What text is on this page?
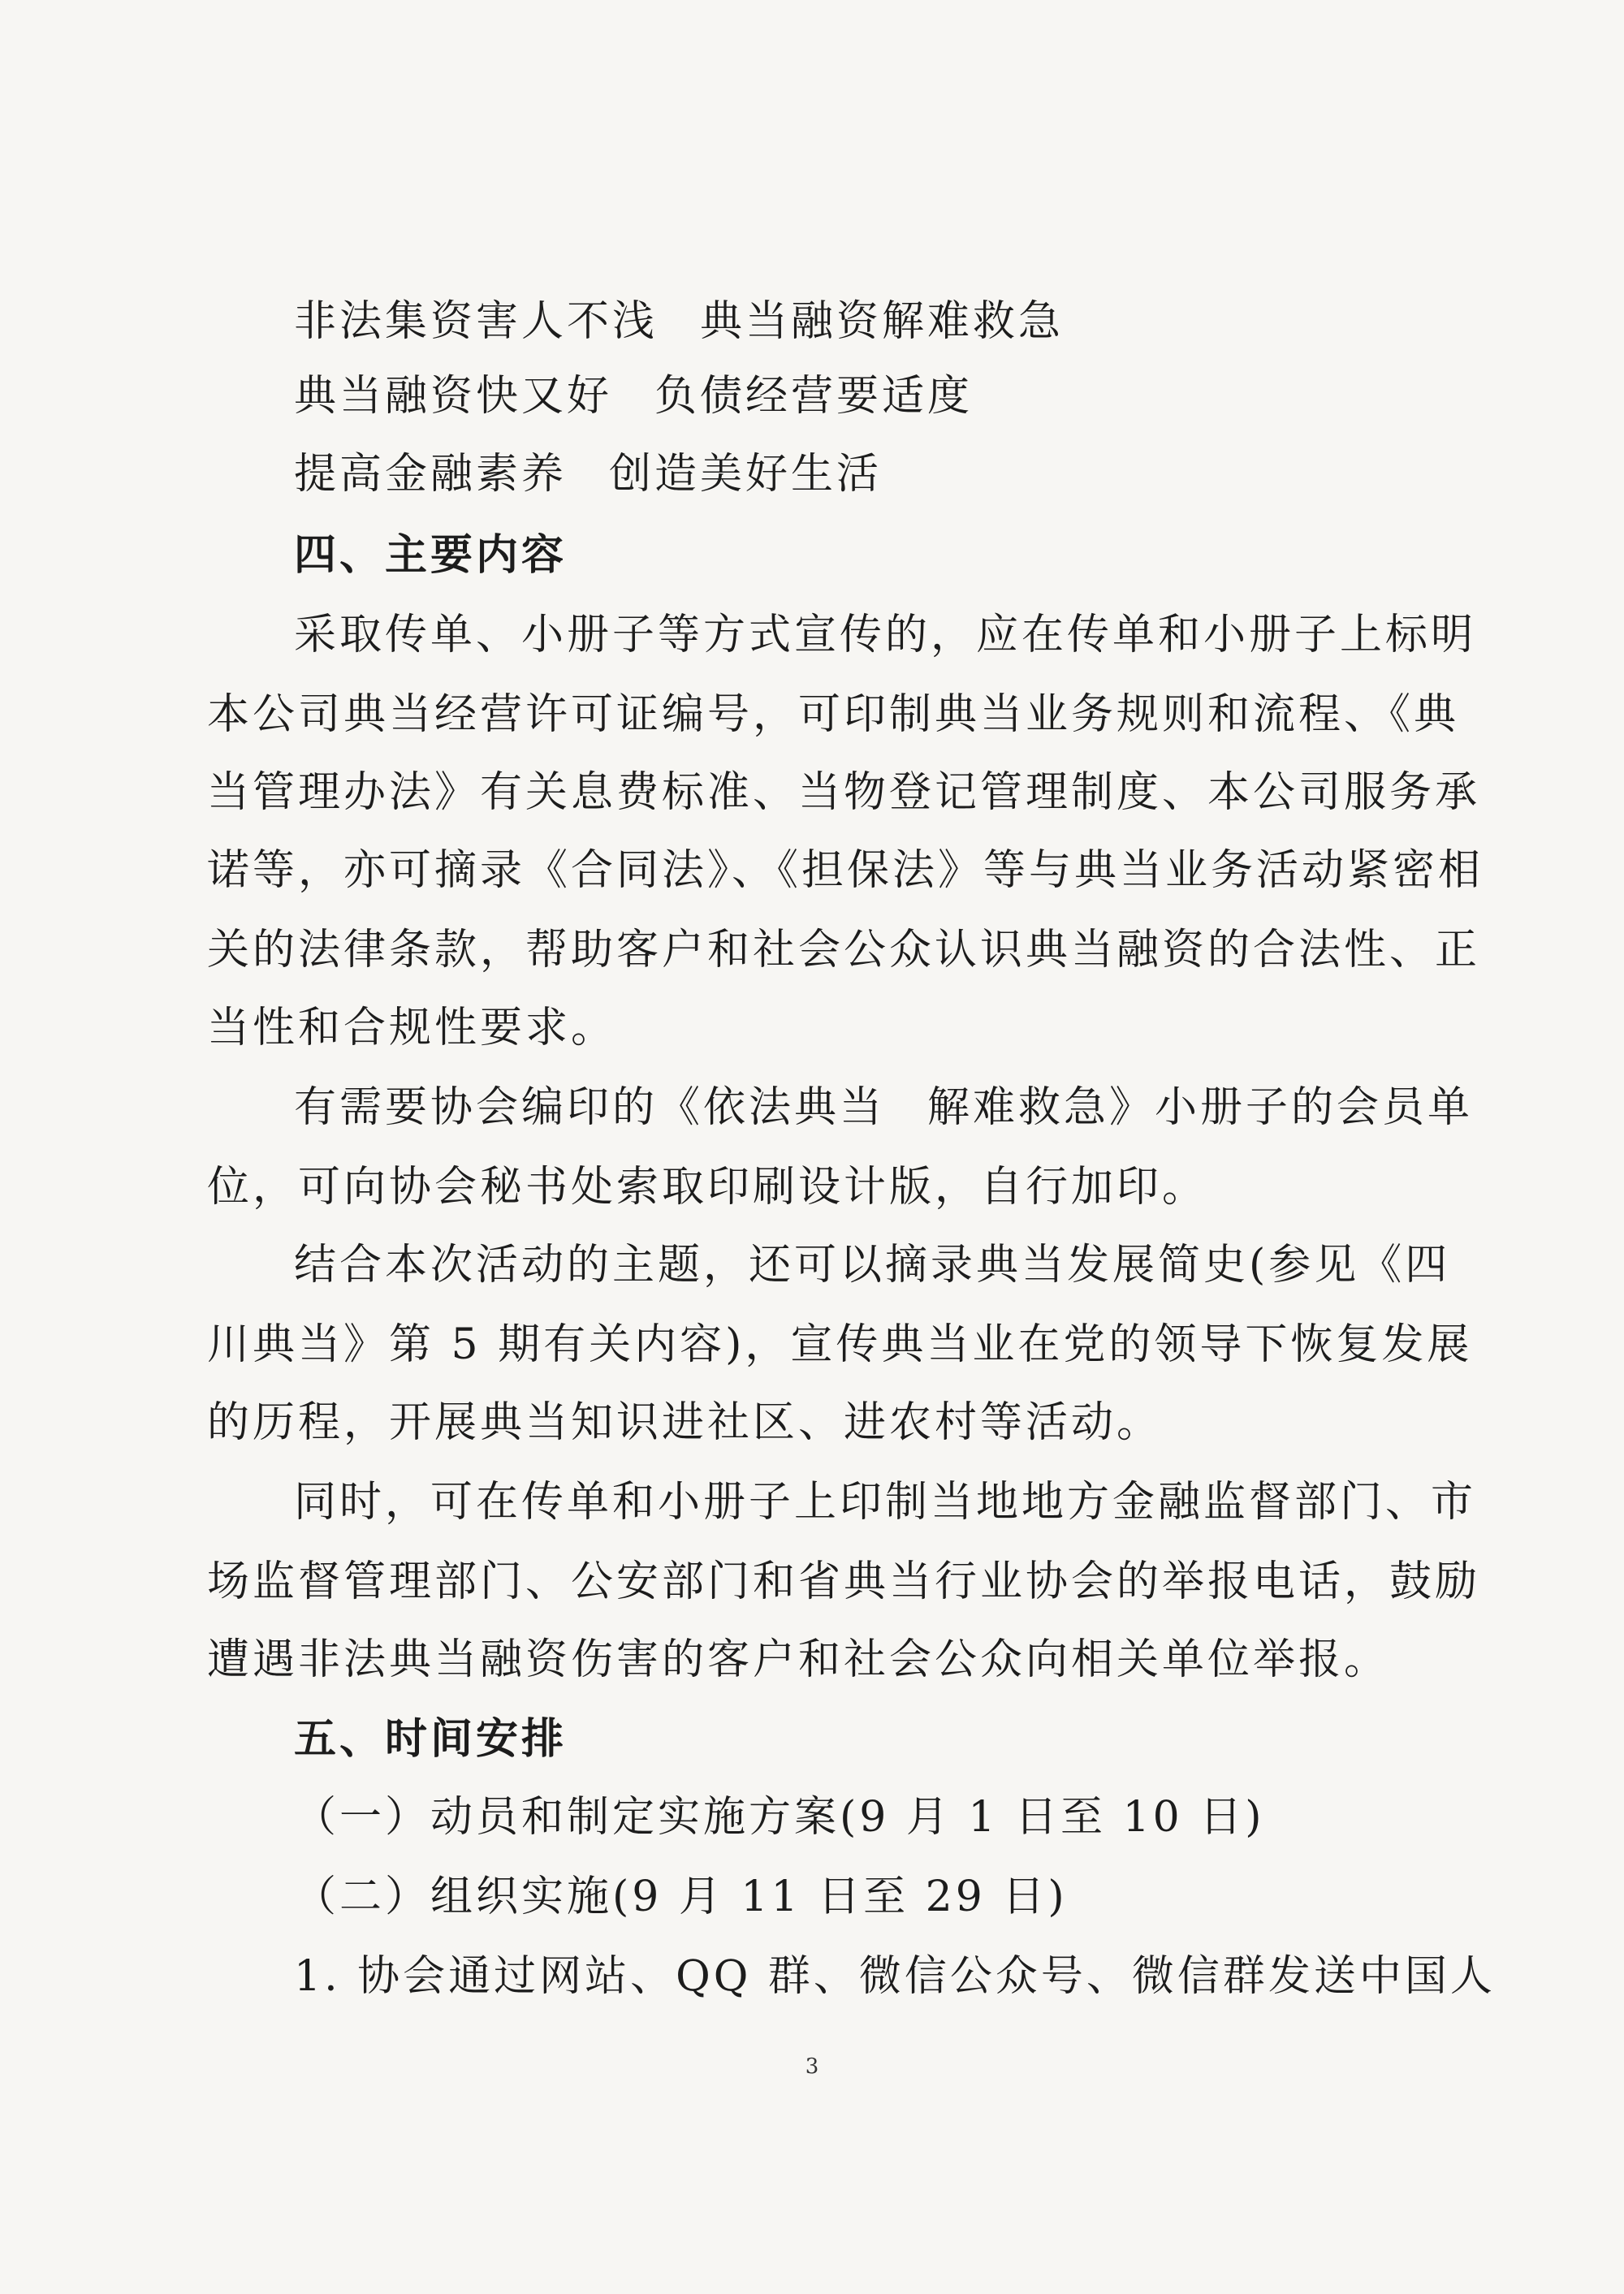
非法集资害人不浅 典当融资解难救急
典当融资快又好 负债经营要适度
提高金融素养 创造美好生活
四、主要内容
采取传单、小册子等方式宣传的，应在传单和小册子上标明
本公司典当经营许可证编号，可印制典当业务规则和流程、《典
当管理办法》有关息费标准、当物登记管理制度、本公司服务承
诺等，亦可摘录《合同法》、《担保法》等与典当业务活动紧密相
关的法律条款，帮助客户和社会公众认识典当融资的合法性、正
当性和合规性要求。
有需要协会编印的《依法典当 解难救急》小册子的会员单
位，可向协会秘书处索取印刷设计版，自行加印。
结合本次活动的主题，还可以摘录典当发展简史(参见《四
川典当》第 5 期有关内容)，宣传典当业在党的领导下恢复发展
的历程，开展典当知识进社区、进农村等活动。
同时，可在传单和小册子上印制当地地方金融监督部门、市
场监督管理部门、公安部门和省典当行业协会的举报电话，鼓励
遭遇非法典当融资伤害的客户和社会公众向相关单位举报。
五、时间安排
（一）动员和制定实施方案(9 月 1 日至 10 日)
（二）组织实施(9 月 11 日至 29 日)
1. 协会通过网站、QQ 群、微信公众号、微信群发送中国人
3
